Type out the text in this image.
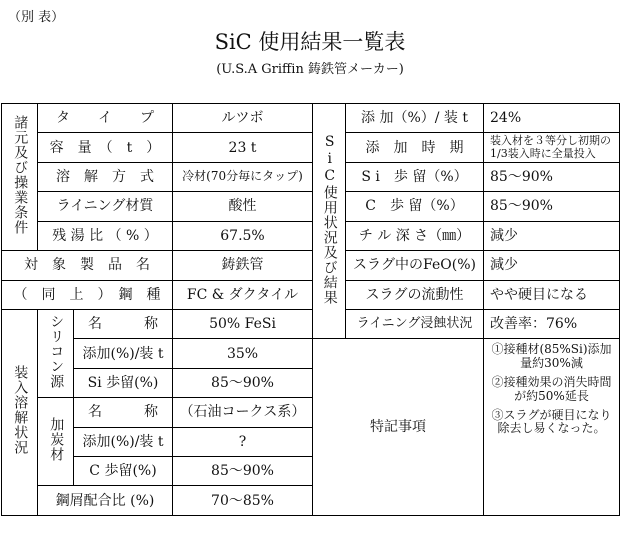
（別 表）
SiC 使用結果一覧表
(U.S.A Griffin 鋳鉄管メーカー)
諸元及び操業条件	タ　　イ　　プ		ルツボ	SiC使用状況及び結果	添 加（%）/ 装 t	24%
	容　量　（　t　）		23 t		添　加　時　期	装入材を３等分し初期の1/3装入時に全量投入
	溶　解　方　式		冷材(70分毎にタップ)		S i　歩 留（%）	85〜90%
	ライニング材質		酸性		C　歩 留（%）	85〜90%
	残 湯 比 （ % ）		67.5%		チ ル 深 さ（㎜）	減少
対　象　製　品　名			鋳鉄管		スラグ中のFeO(%)	減少
（　同　上　）　鋼　種			FC & ダクタイル		スラグの流動性	やや硬目になる
装入溶解状況	シリコン源	名　　　称	50% FeSi		ライニング浸蝕状況	改善率：76%
		添加(%)/装 t	35%	特記事項		①接種材(85%Si)添加量約30%減
②接種効果の消失時間が約50%延長
③スラグが硬目になり除去し易くなった。

		Si 歩留(%)	85〜90%			
	加炭材	名　　　称	（石油コークス系）			
		添加(%)/装 t	?			
		C 歩留(%)	85〜90%			
	鋼屑配合比 (%)		70〜85%			
